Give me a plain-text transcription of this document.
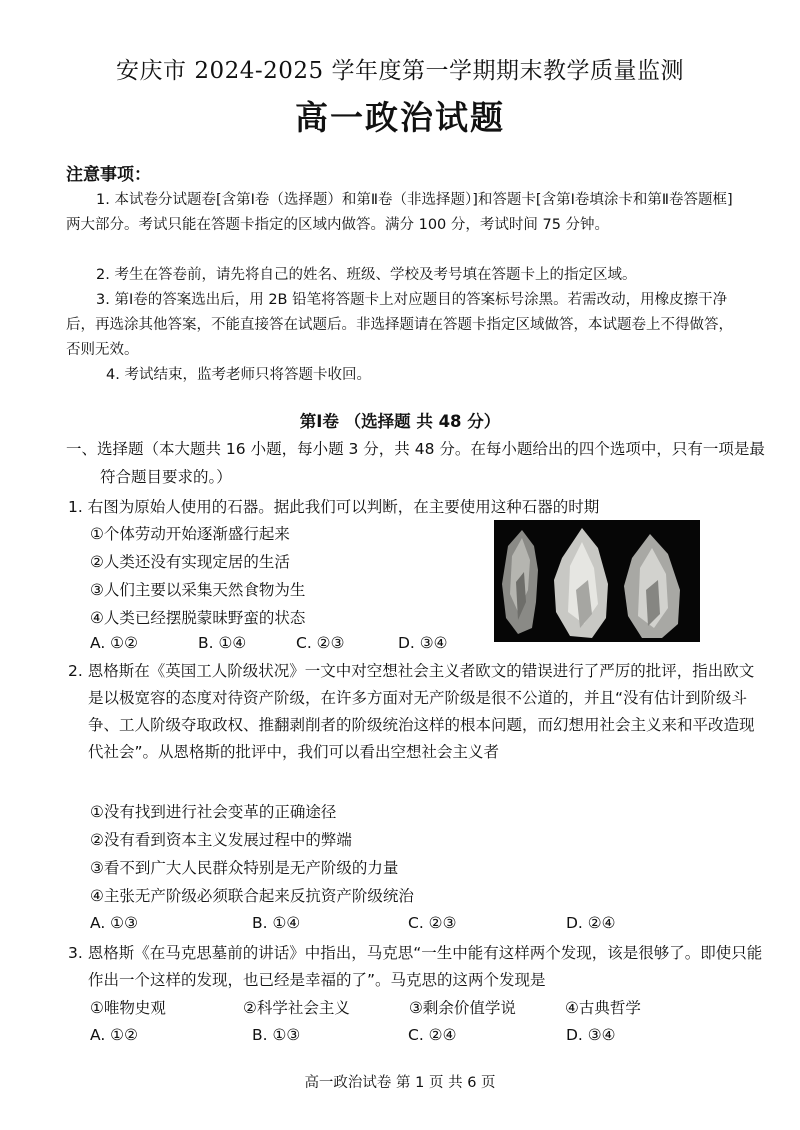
安庆市 2024-2025 学年度第一学期期末教学质量监测
高一政治试题
注意事项：
1. 本试卷分试题卷[含第Ⅰ卷（选择题）和第Ⅱ卷（非选择题）]和答题卡[含第Ⅰ卷填涂卡和第Ⅱ卷答题框]两大部分。考试只能在答题卡指定的区域内做答。满分 100 分，考试时间 75 分钟。
2. 考生在答卷前，请先将自己的姓名、班级、学校及考号填在答题卡上的指定区域。
3. 第Ⅰ卷的答案选出后，用 2B 铅笔将答题卡上对应题目的答案标号涂黑。若需改动，用橡皮擦干净后，再选涂其他答案，不能直接答在试题后。非选择题请在答题卡指定区域做答，本试题卷上不得做答，否则无效。
4. 考试结束，监考老师只将答题卡收回。
第Ⅰ卷 （选择题 共 48 分）
一、选择题（本大题共 16 小题，每小题 3 分，共 48 分。在每小题给出的四个选项中，只有一项是最符合题目要求的。）
1. 右图为原始人使用的石器。据此我们可以判断，在主要使用这种石器的时期
①个体劳动开始逐渐盛行起来
②人类还没有实现定居的生活
③人们主要以采集天然食物为生
④人类已经摆脱蒙昧野蛮的状态
A. ①②	B. ①④	C. ②③	D. ③④
2. 恩格斯在《英国工人阶级状况》一文中对空想社会主义者欧文的错误进行了严厉的批评，指出欧文是以极宽容的态度对待资产阶级，在许多方面对无产阶级是很不公道的，并且“没有估计到阶级斗争、工人阶级夺取政权、推翻剥削者的阶级统治这样的根本问题，而幻想用社会主义来和平改造现代社会”。从恩格斯的批评中，我们可以看出空想社会主义者
①没有找到进行社会变革的正确途径
②没有看到资本主义发展过程中的弊端
③看不到广大人民群众特别是无产阶级的力量
④主张无产阶级必须联合起来反抗资产阶级统治
A. ①③	B. ①④	C. ②③	D. ②④
3. 恩格斯《在马克思墓前的讲话》中指出，马克思“一生中能有这样两个发现，该是很够了。即使只能作出一个这样的发现，也已经是幸福的了”。马克思的这两个发现是
①唯物史观	②科学社会主义	③剩余价值学说	④古典哲学
A. ①②	B. ①③	C. ②④	D. ③④
高一政治试卷 第 1 页 共 6 页
